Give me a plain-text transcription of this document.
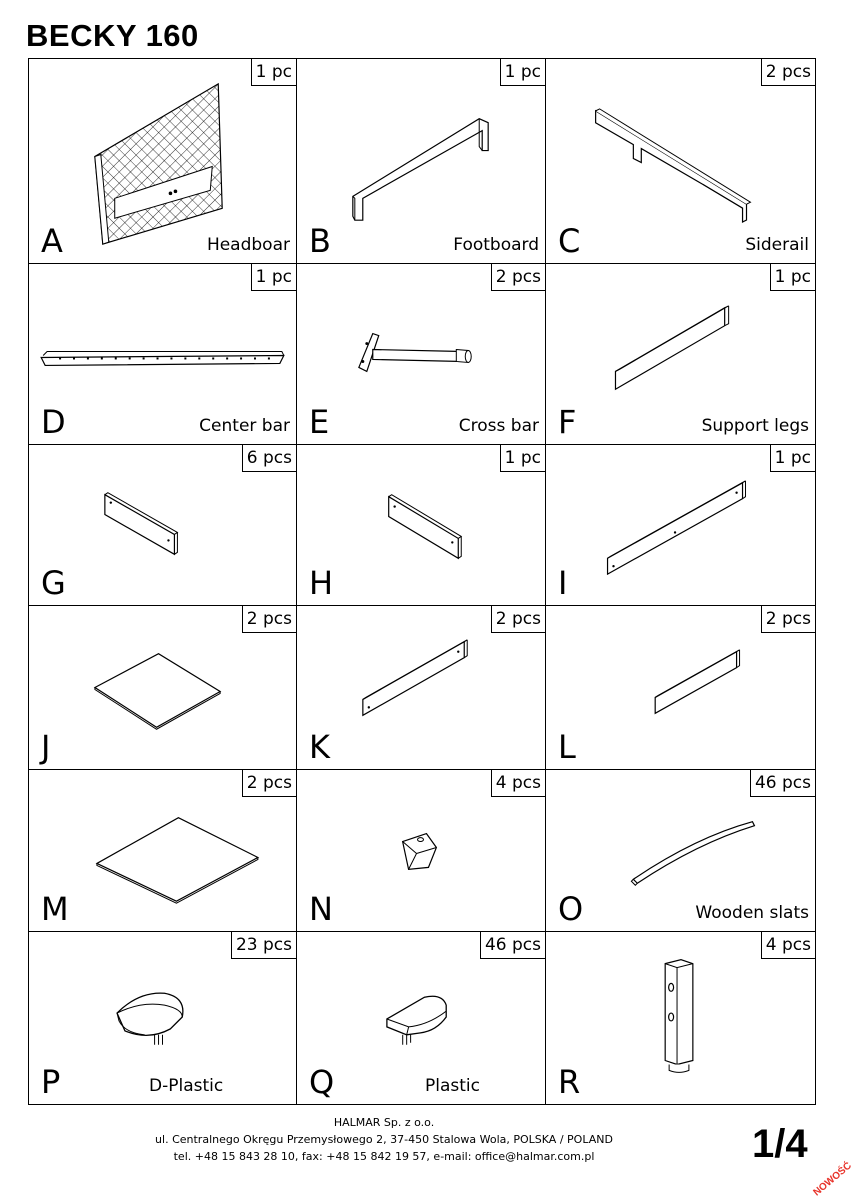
BECKY 160
1 pc
A	Headboar
1 pc
B	Footboard
2 pcs
C	Siderail
1 pc
D	Center bar
2 pcs
E	Cross bar
1 pc
F	Support legs
6 pcs
G
1 pc
H
1 pc
I
2 pcs
J
2 pcs
K
2 pcs
L
2 pcs
M
4 pcs
N
46 pcs
O	Wooden slats
23 pcs
P	D-Plastic
46 pcs
Q	Plastic
4 pcs
R
HALMAR Sp. z o.o.
ul. Centralnego Okręgu Przemysłowego 2, 37-450 Stalowa Wola, POLSKA / POLAND
tel. +48 15 843 28 10, fax: +48 15 842 19 57, e-mail: office@halmar.com.pl	1/4
NOWOŚĆ
